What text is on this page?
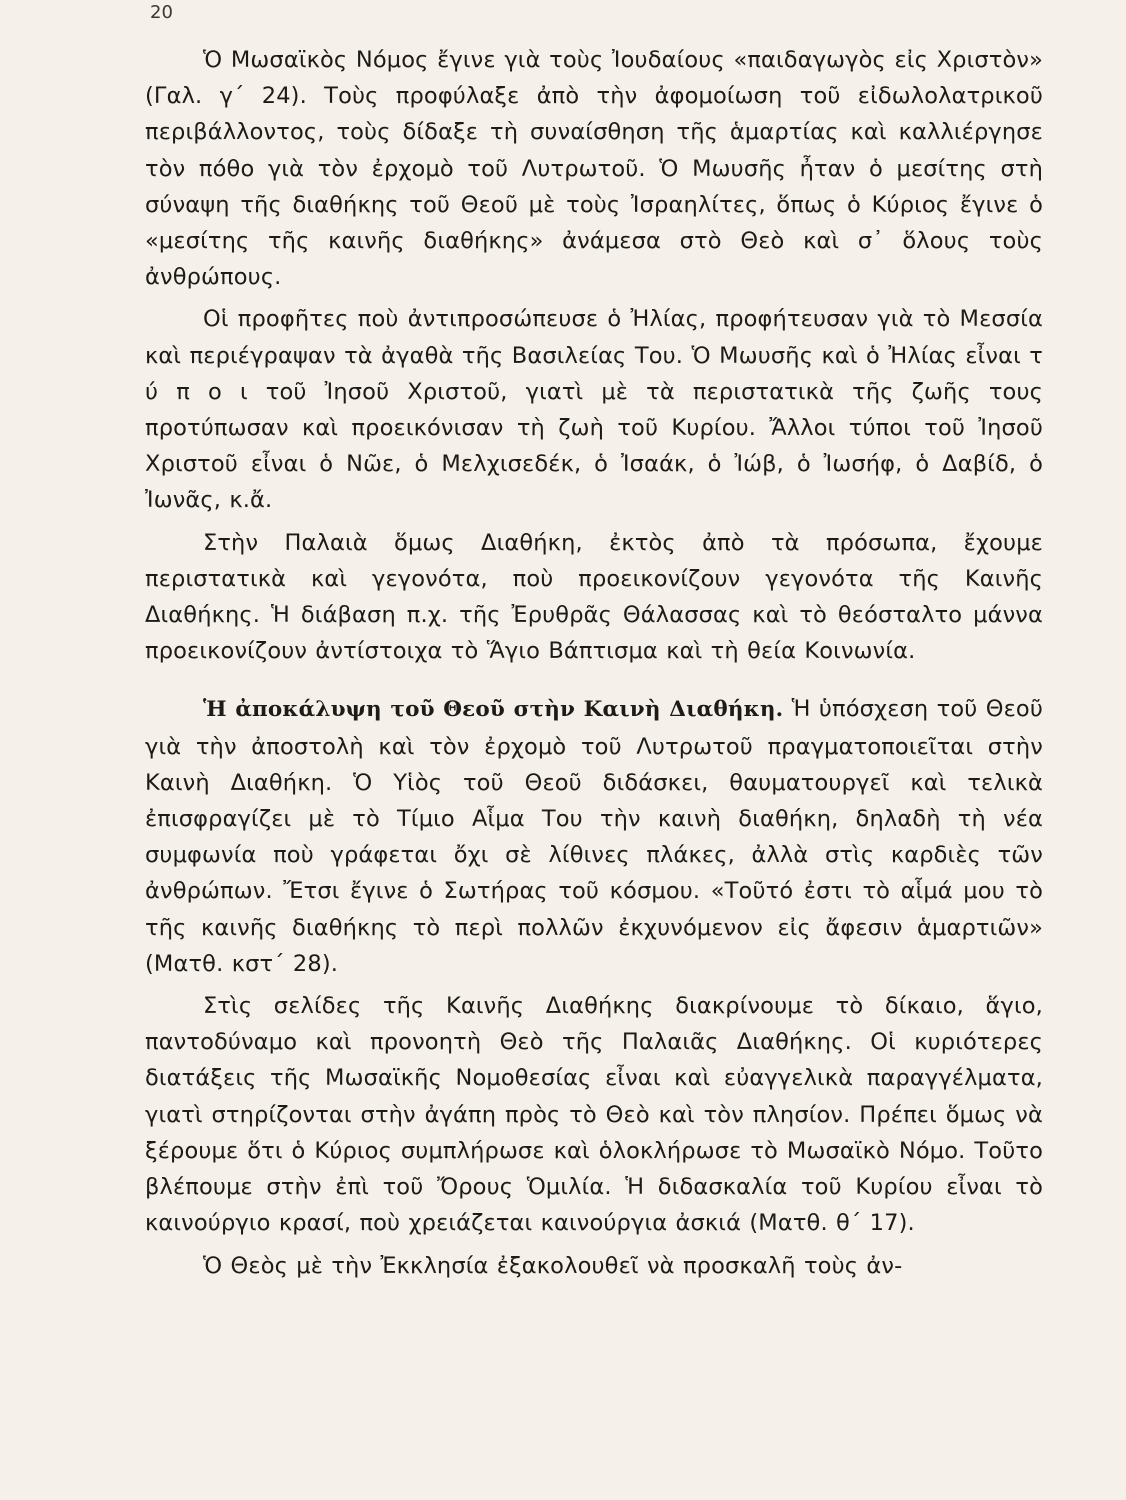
20

Ὁ Μωσαϊκὸς Νόμος ἔγινε γιὰ τοὺς Ἰουδαίους «παιδαγωγὸς εἰς Χριστὸν» (Γαλ. γ΄ 24). Τοὺς προφύλαξε ἀπὸ τὴν ἀφομοίωση τοῦ εἰδωλολατρικοῦ περιβάλλοντος, τοὺς δίδαξε τὴ συναίσθηση τῆς ἁμαρτίας καὶ καλλιέργησε τὸν πόθο γιὰ τὸν ἐρχομὸ τοῦ Λυτρωτοῦ. Ὁ Μωυσῆς ἦταν ὁ μεσίτης στὴ σύναψη τῆς διαθήκης τοῦ Θεοῦ μὲ τοὺς Ἰσραηλίτες, ὅπως ὁ Κύριος ἔγινε ὁ «μεσίτης τῆς καινῆς διαθήκης» ἀνάμεσα στὸ Θεὸ καὶ σ᾿ ὅλους τοὺς ἀνθρώπους.

Οἱ προφῆτες ποὺ ἀντιπροσώπευσε ὁ Ἠλίας, προφήτευσαν γιὰ τὸ Μεσσία καὶ περιέγραψαν τὰ ἀγαθὰ τῆς Βασιλείας Του. Ὁ Μωυσῆς καὶ ὁ Ἠλίας εἶναι τ ύ π ο ι τοῦ Ἰησοῦ Χριστοῦ, γιατὶ μὲ τὰ περιστατικὰ τῆς ζωῆς τους προτύπωσαν καὶ προεικόνισαν τὴ ζωὴ τοῦ Κυρίου. Ἄλλοι τύποι τοῦ Ἰησοῦ Χριστοῦ εἶναι ὁ Νῶε, ὁ Μελχισεδέκ, ὁ Ἰσαάκ, ὁ Ἰώβ, ὁ Ἰωσήφ, ὁ Δαβίδ, ὁ Ἰωνᾶς, κ.ἄ.

Στὴν Παλαιὰ ὅμως Διαθήκη, ἐκτὸς ἀπὸ τὰ πρόσωπα, ἔχουμε περιστατικὰ καὶ γεγονότα, ποὺ προεικονίζουν γεγονότα τῆς Καινῆς Διαθήκης. Ἡ διάβαση π.χ. τῆς Ἐρυθρᾶς Θάλασσας καὶ τὸ θεόσταλτο μάννα προεικονίζουν ἀντίστοιχα τὸ Ἅγιο Βάπτισμα καὶ τὴ θεία Κοινωνία.

Ἡ ἀποκάλυψη τοῦ Θεοῦ στὴν Καινὴ Διαθήκη. Ἡ ὑπόσχεση τοῦ Θεοῦ γιὰ τὴν ἀποστολὴ καὶ τὸν ἐρχομὸ τοῦ Λυτρωτοῦ πραγματοποιεῖται στὴν Καινὴ Διαθήκη. Ὁ Υἱὸς τοῦ Θεοῦ διδάσκει, θαυματουργεῖ καὶ τελικὰ ἐπισφραγίζει μὲ τὸ Τίμιο Αἷμα Του τὴν καινὴ διαθήκη, δηλαδὴ τὴ νέα συμφωνία ποὺ γράφεται ὄχι σὲ λίθινες πλάκες, ἀλλὰ στὶς καρδιὲς τῶν ἀνθρώπων. Ἔτσι ἔγινε ὁ Σωτήρας τοῦ κόσμου. «Τοῦτό ἐστι τὸ αἷμά μου τὸ τῆς καινῆς διαθήκης τὸ περὶ πολλῶν ἐκχυνόμενον εἰς ἄφεσιν ἁμαρτιῶν» (Ματθ. κστ΄ 28).

Στὶς σελίδες τῆς Καινῆς Διαθήκης διακρίνουμε τὸ δίκαιο, ἅγιο, παντοδύναμο καὶ προνοητὴ Θεὸ τῆς Παλαιᾶς Διαθήκης. Οἱ κυριότερες διατάξεις τῆς Μωσαϊκῆς Νομοθεσίας εἶναι καὶ εὐαγγελικὰ παραγγέλματα, γιατὶ στηρίζονται στὴν ἀγάπη πρὸς τὸ Θεὸ καὶ τὸν πλησίον. Πρέπει ὅμως νὰ ξέρουμε ὅτι ὁ Κύριος συμπλήρωσε καὶ ὁλοκλήρωσε τὸ Μωσαϊκὸ Νόμο. Τοῦτο βλέπουμε στὴν ἐπὶ τοῦ Ὄρους Ὁμιλία. Ἡ διδασκαλία τοῦ Κυρίου εἶναι τὸ καινούργιο κρασί, ποὺ χρειάζεται καινούργια ἀσκιά (Ματθ. θ΄ 17).

Ὁ Θεὸς μὲ τὴν Ἐκκλησία ἐξακολουθεῖ νὰ προσκαλῆ τοὺς ἀν-
